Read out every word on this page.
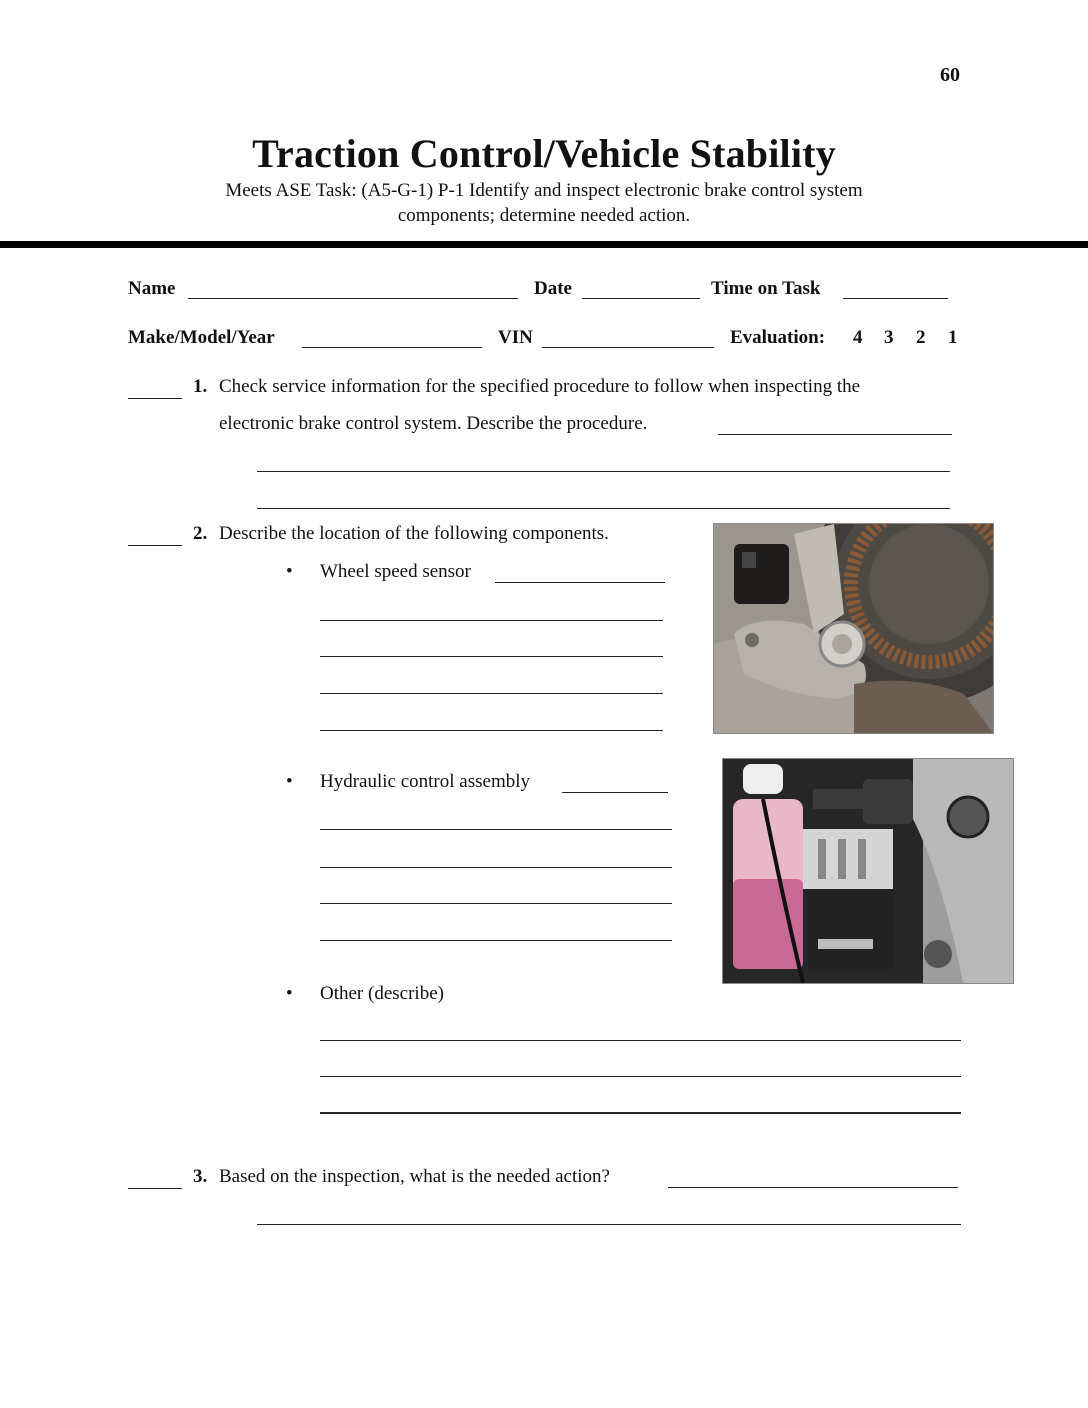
60
Traction Control/Vehicle Stability
Meets ASE Task: (A5-G-1) P-1 Identify and inspect electronic brake control system
components; determine needed action.
Name	Date	Time on Task
Make/Model/Year	VIN	Evaluation: 4 3 2 1
1. Check service information for the specified procedure to follow when inspecting the
electronic brake control system. Describe the procedure.
2. Describe the location of the following components.
• Wheel speed sensor
• Hydraulic control assembly
• Other (describe)
3. Based on the inspection, what is the needed action?
